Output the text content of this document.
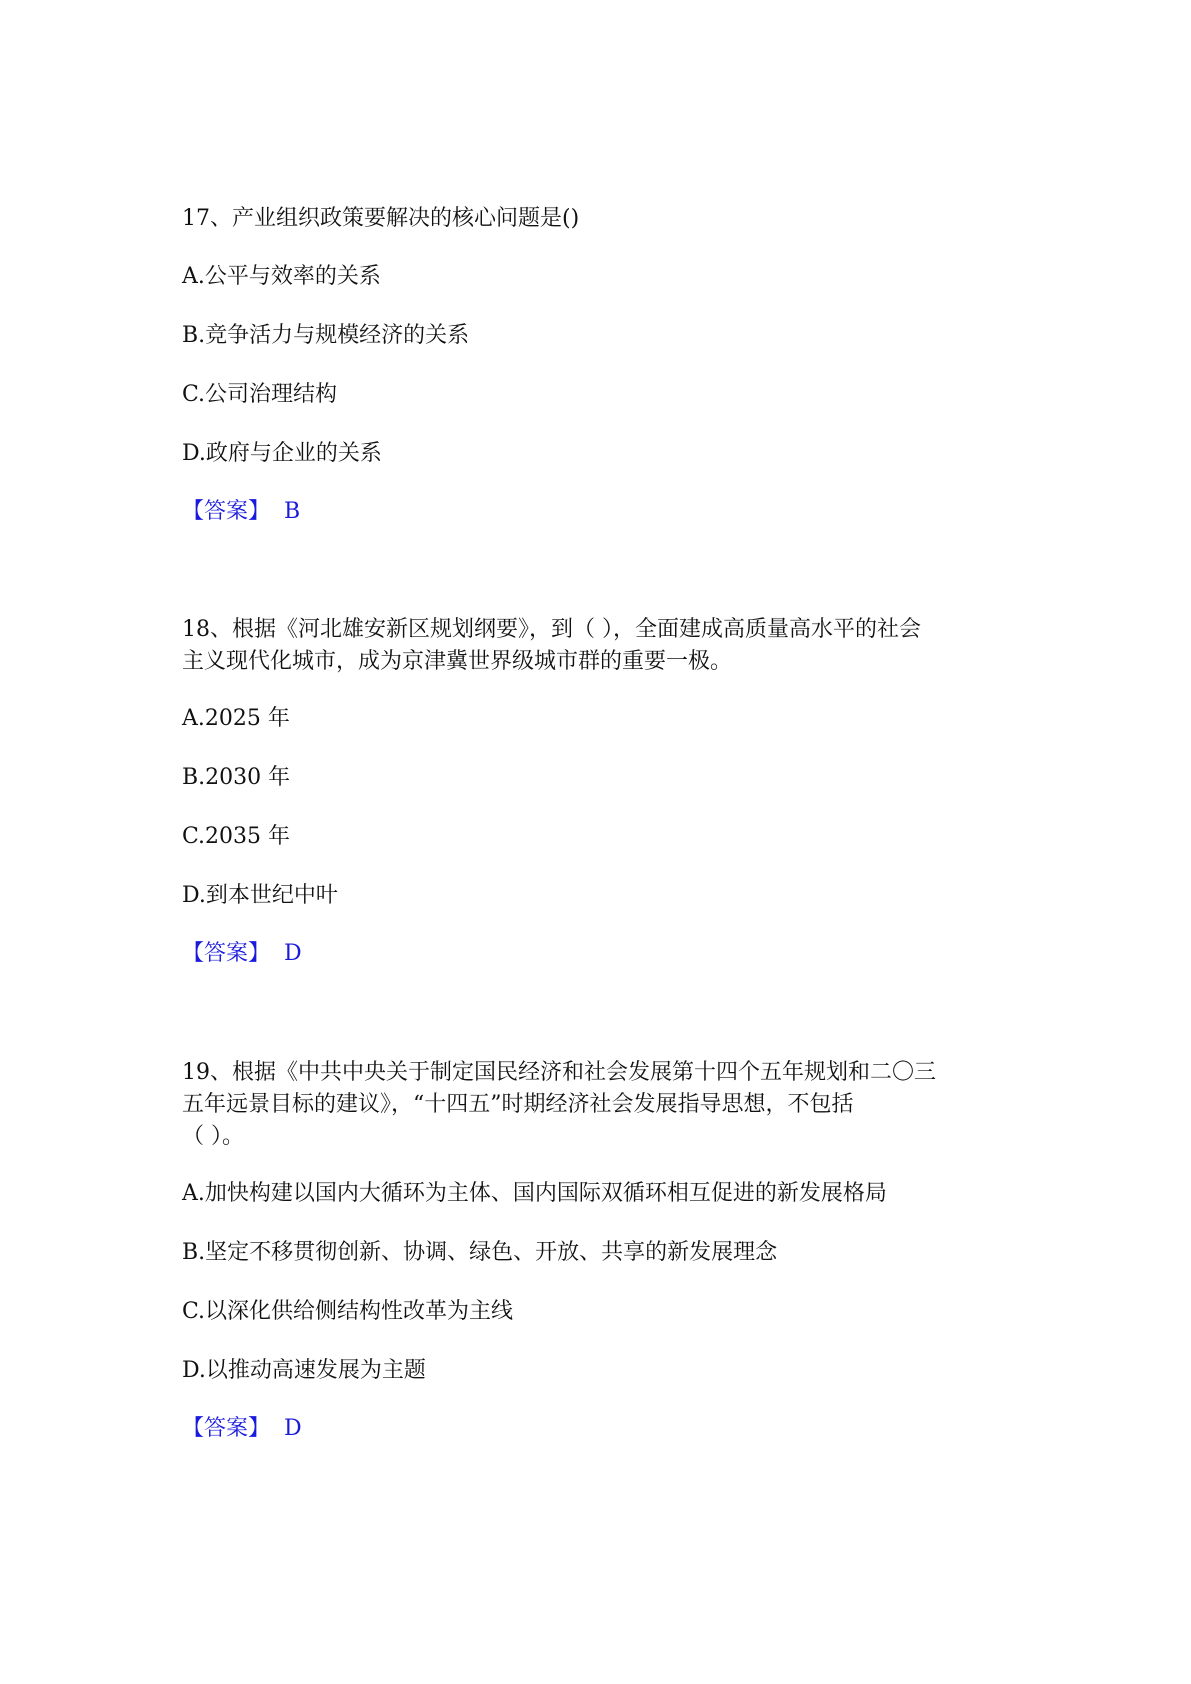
17、产业组织政策要解决的核心问题是()
A.公平与效率的关系
B.竞争活力与规模经济的关系
C.公司治理结构
D.政府与企业的关系
【答案】 B
18、根据《河北雄安新区规划纲要》，到（ ），全面建成高质量高水平的社会
主义现代化城市，成为京津冀世界级城市群的重要一极。
A.2025 年
B.2030 年
C.2035 年
D.到本世纪中叶
【答案】 D
19、根据《中共中央关于制定国民经济和社会发展第十四个五年规划和二〇三
五年远景目标的建议》，“十四五”时期经济社会发展指导思想，不包括
（ ）。
A.加快构建以国内大循环为主体、国内国际双循环相互促进的新发展格局
B.坚定不移贯彻创新、协调、绿色、开放、共享的新发展理念
C.以深化供给侧结构性改革为主线
D.以推动高速发展为主题
【答案】 D
